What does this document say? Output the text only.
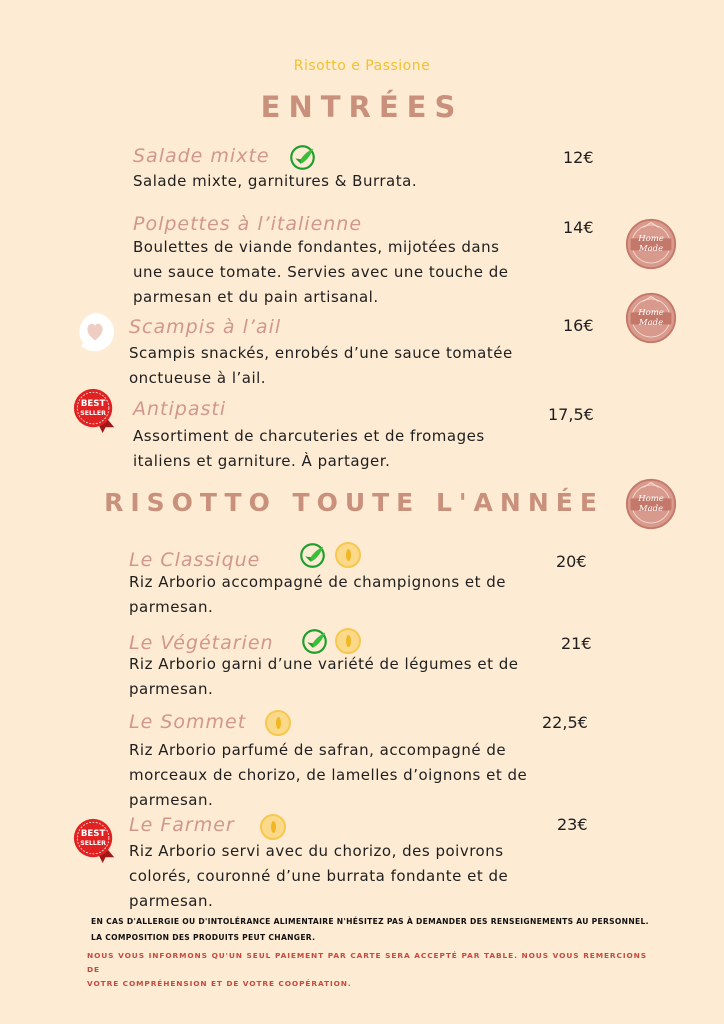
Risotto e Passione
ENTRÉES
Salade mixte	12€
Salade mixte, garnitures & Burrata.
Polpettes à l’italienne	14€
Boulettes de viande fondantes, mijotées dans
une sauce tomate. Servies avec une touche de
parmesan et du pain artisanal.
Home
Made
Scampis à l’ail	16€
Scampis snackés, enrobés d’une sauce tomatée
onctueuse à l’ail.
Home
Made
BEST
SELLER Antipasti	17,5€
Assortiment de charcuteries et de fromages
italiens et garniture. À partager.
RISOTTO TOUTE L'ANNÉE	Home
Made
Le Classique	20€
Riz Arborio accompagné de champignons et de
parmesan.
Le Végétarien	21€
Riz Arborio garni d’une variété de légumes et de
parmesan.
Le Sommet	22,5€
Riz Arborio parfumé de safran, accompagné de
morceaux de chorizo, de lamelles d’oignons et de
parmesan.
BEST
SELLER
Le Farmer	23€
Riz Arborio servi avec du chorizo, des poivrons
colorés, couronné d’une burrata fondante et de
parmesan.
EN CAS D'ALLERGIE OU D'INTOLÉRANCE ALIMENTAIRE N'HÉSITEZ PAS À DEMANDER DES RENSEIGNEMENTS AU PERSONNEL.
LA COMPOSITION DES PRODUITS PEUT CHANGER.
NOUS VOUS INFORMONS QU'UN SEUL PAIEMENT PAR CARTE SERA ACCEPTÉ PAR TABLE. NOUS VOUS REMERCIONS DE
VOTRE COMPRÉHENSION ET DE VOTRE COOPÉRATION.
